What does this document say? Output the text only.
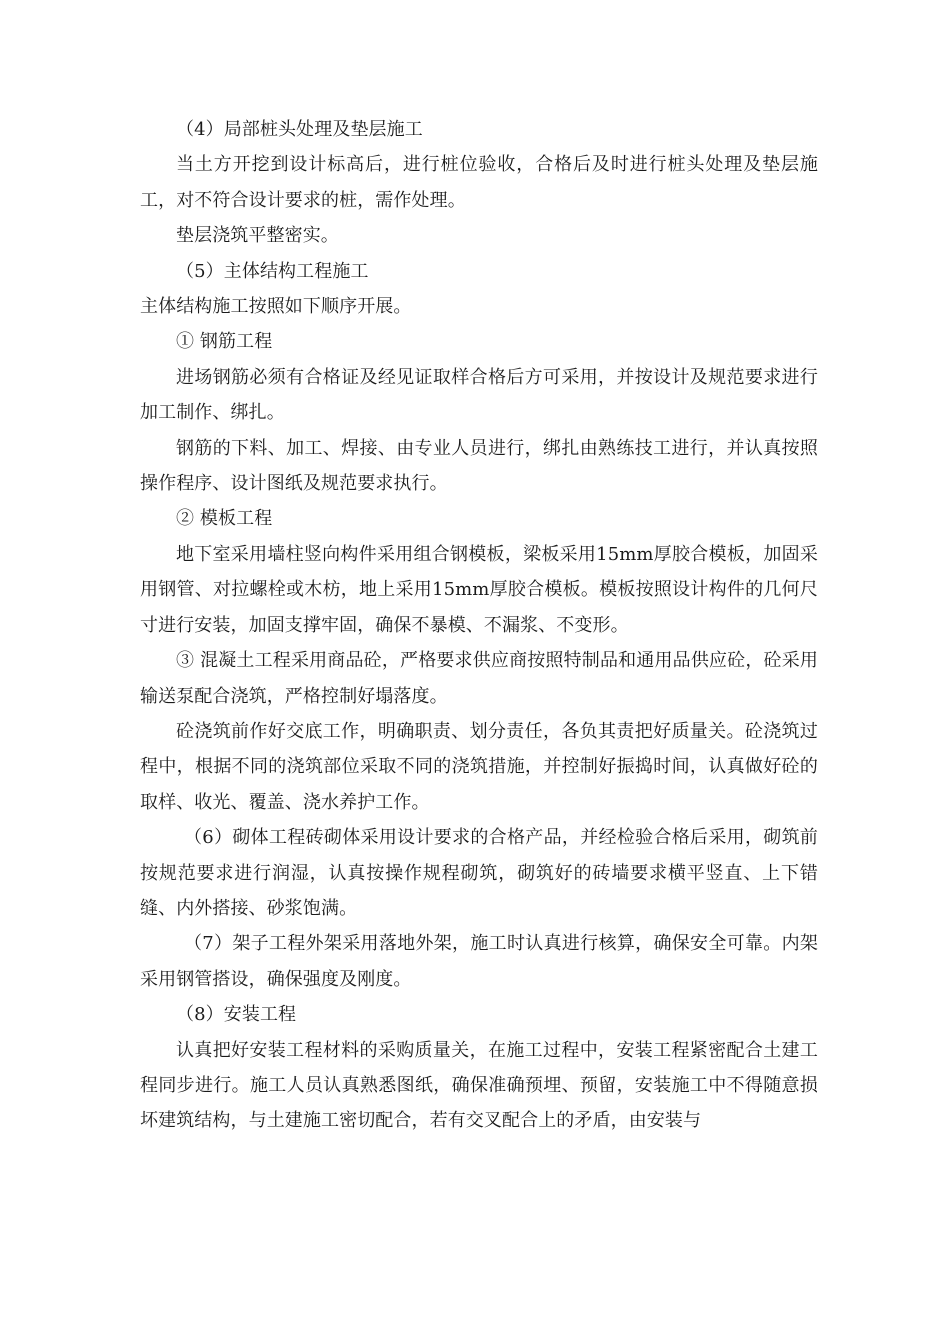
（4）局部桩头处理及垫层施工

当土方开挖到设计标高后，进行桩位验收，合格后及时进行桩头处理及垫层施工，对不符合设计要求的桩，需作处理。

垫层浇筑平整密实。

（5）主体结构工程施工

主体结构施工按照如下顺序开展。

① 钢筋工程

进场钢筋必须有合格证及经见证取样合格后方可采用，并按设计及规范要求进行加工制作、绑扎。

钢筋的下料、加工、焊接、由专业人员进行，绑扎由熟练技工进行，并认真按照操作程序、设计图纸及规范要求执行。

② 模板工程

地下室采用墙柱竖向构件采用组合钢模板，梁板采用15mm厚胶合模板，加固采用钢管、对拉螺栓或木枋，地上采用15mm厚胶合模板。模板按照设计构件的几何尺寸进行安装，加固支撑牢固，确保不暴模、不漏浆、不变形。

③ 混凝土工程采用商品砼，严格要求供应商按照特制品和通用品供应砼，砼采用输送泵配合浇筑，严格控制好塌落度。

砼浇筑前作好交底工作，明确职责、划分责任，各负其责把好质量关。砼浇筑过程中，根据不同的浇筑部位采取不同的浇筑措施，并控制好振捣时间，认真做好砼的取样、收光、覆盖、浇水养护工作。

（6）砌体工程砖砌体采用设计要求的合格产品，并经检验合格后采用，砌筑前按规范要求进行润湿，认真按操作规程砌筑，砌筑好的砖墙要求横平竖直、上下错缝、内外搭接、砂浆饱满。

（7）架子工程外架采用落地外架，施工时认真进行核算，确保安全可靠。内架采用钢管搭设，确保强度及刚度。

（8）安装工程

认真把好安装工程材料的采购质量关，在施工过程中，安装工程紧密配合土建工程同步进行。施工人员认真熟悉图纸，确保准确预埋、预留，安装施工中不得随意损坏建筑结构，与土建施工密切配合，若有交叉配合上的矛盾，由安装与
